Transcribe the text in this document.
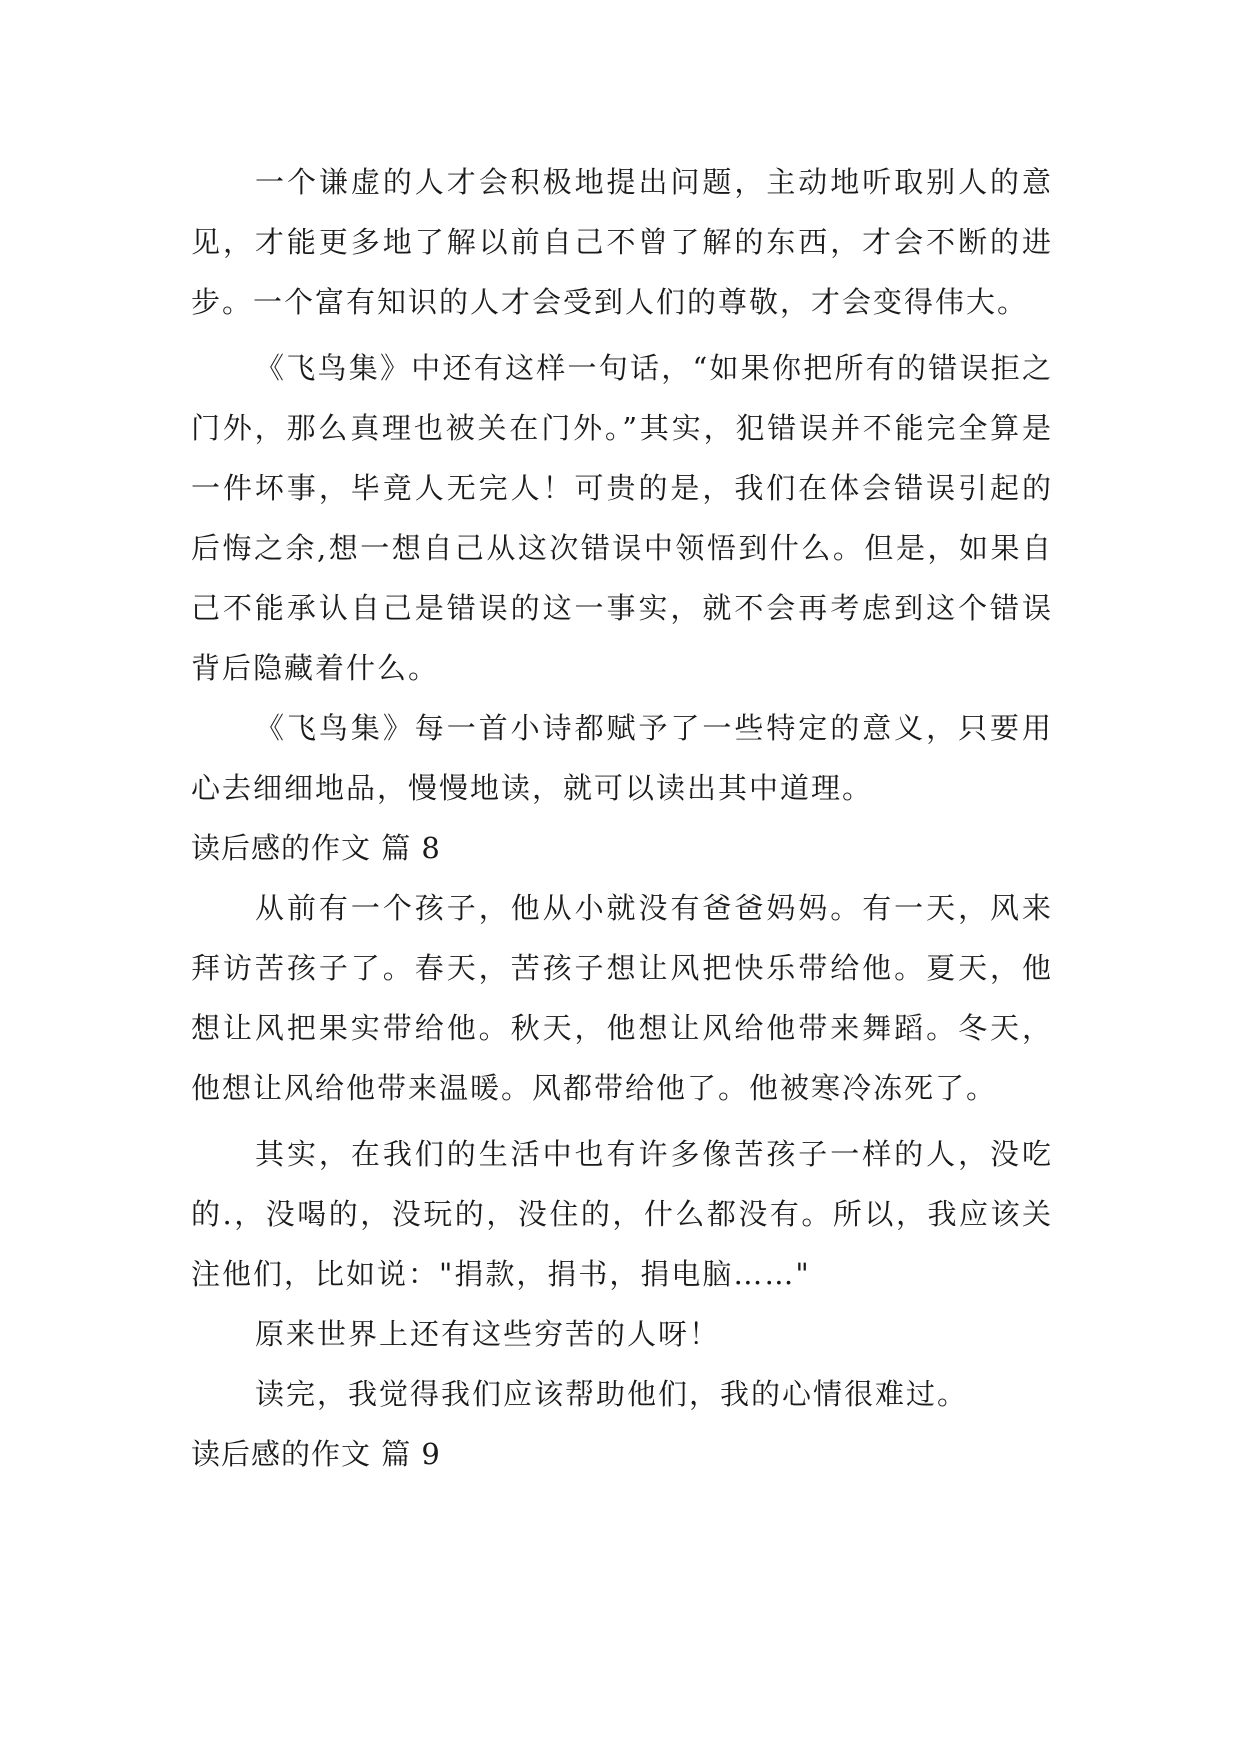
一个谦虚的人才会积极地提出问题，主动地听取别人的意见，才能更多地了解以前自己不曾了解的东西，才会不断的进步。一个富有知识的人才会受到人们的尊敬，才会变得伟大。

《飞鸟集》中还有这样一句话，“如果你把所有的错误拒之门外，那么真理也被关在门外。”其实，犯错误并不能完全算是一件坏事，毕竟人无完人！可贵的是，我们在体会错误引起的后悔之余,想一想自己从这次错误中领悟到什么。但是，如果自己不能承认自己是错误的这一事实，就不会再考虑到这个错误背后隐藏着什么。

《飞鸟集》每一首小诗都赋予了一些特定的意义，只要用心去细细地品，慢慢地读，就可以读出其中道理。

读后感的作文 篇 8

从前有一个孩子，他从小就没有爸爸妈妈。有一天，风来拜访苦孩子了。春天，苦孩子想让风把快乐带给他。夏天，他想让风把果实带给他。秋天，他想让风给他带来舞蹈。冬天，他想让风给他带来温暖。风都带给他了。他被寒冷冻死了。

其实，在我们的生活中也有许多像苦孩子一样的人，没吃的.，没喝的，没玩的，没住的，什么都没有。所以，我应该关注他们，比如说："捐款，捐书，捐电脑……"

原来世界上还有这些穷苦的人呀！

读完，我觉得我们应该帮助他们，我的心情很难过。

读后感的作文 篇 9
